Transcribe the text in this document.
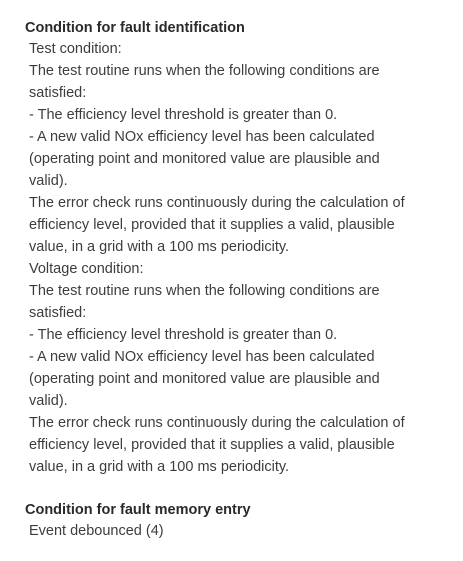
Condition for fault identification
Test condition:
The test routine runs when the following conditions are
satisfied:
- The efficiency level threshold is greater than 0.
- A new valid NOx efficiency level has been calculated
(operating point and monitored value are plausible and
valid).
The error check runs continuously during the calculation of
efficiency level, provided that it supplies a valid, plausible
value, in a grid with a 100 ms periodicity.
Voltage condition:
The test routine runs when the following conditions are
satisfied:
- The efficiency level threshold is greater than 0.
- A new valid NOx efficiency level has been calculated
(operating point and monitored value are plausible and
valid).
The error check runs continuously during the calculation of
efficiency level, provided that it supplies a valid, plausible
value, in a grid with a 100 ms periodicity.
Condition for fault memory entry
Event debounced (4)
